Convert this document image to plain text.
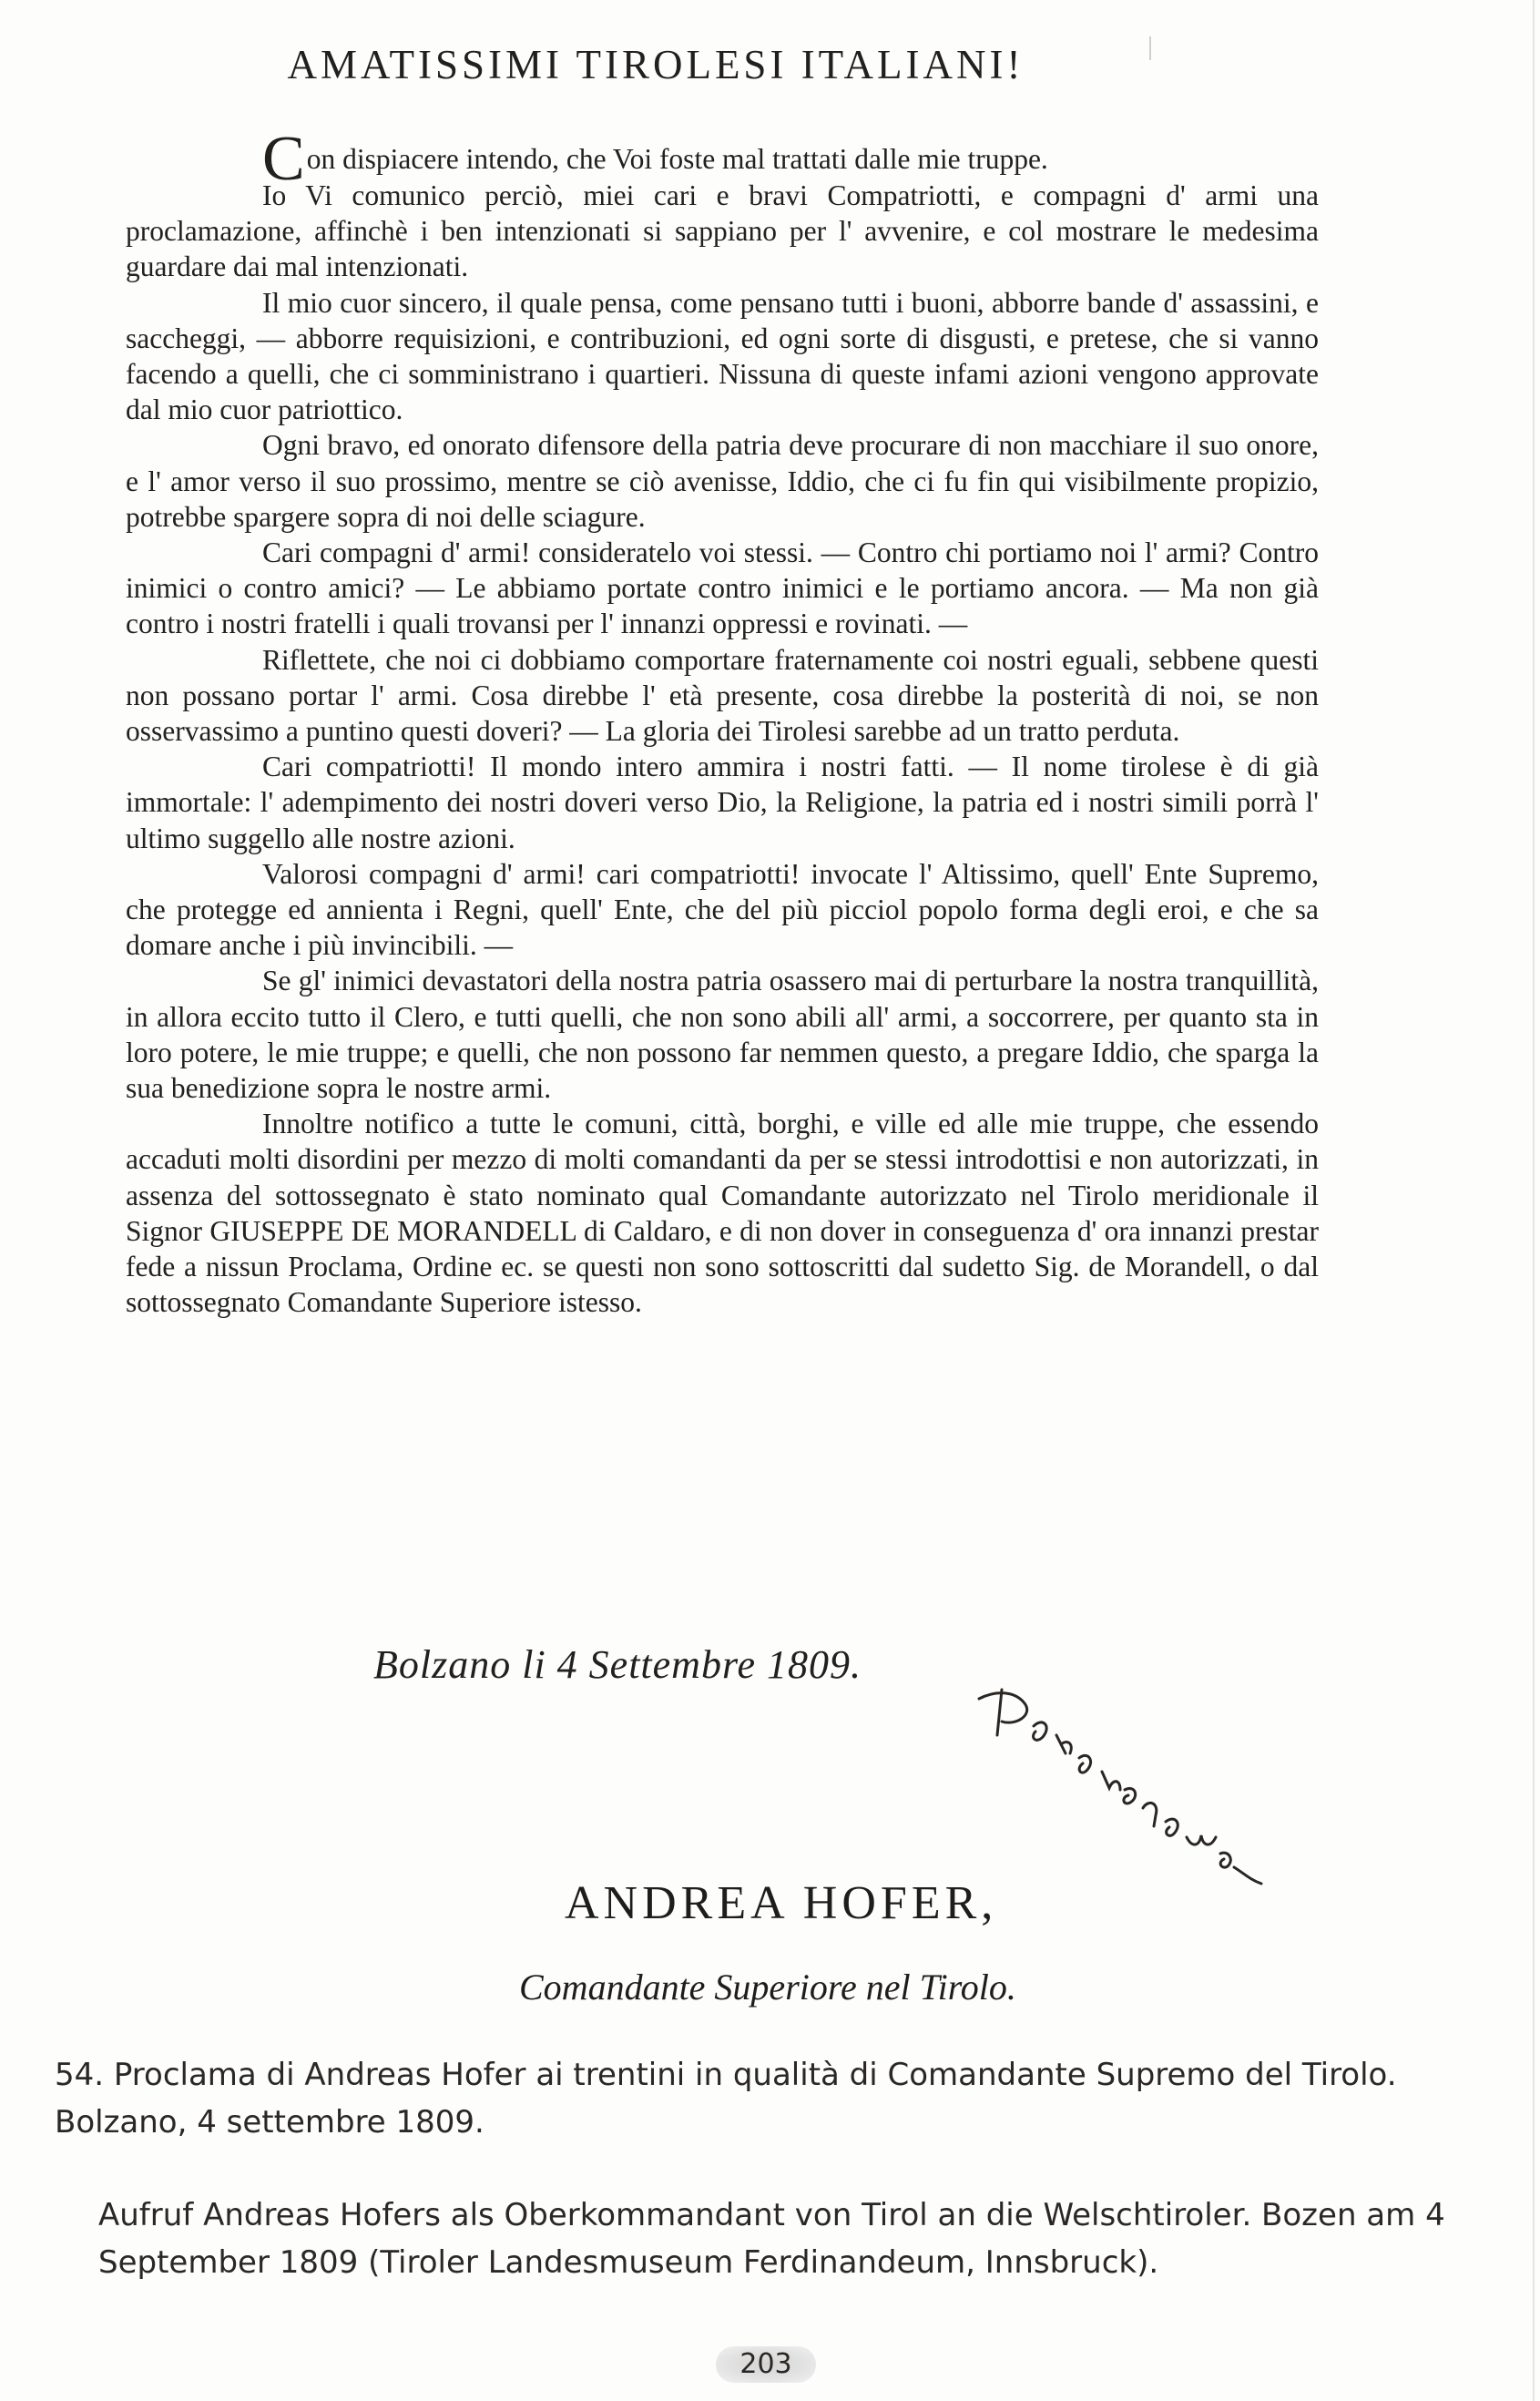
AMATISSIMI TIROLESI ITALIANI!

Con dispiacere intendo, che Voi foste mal trattati dalle mie truppe.

Io Vi comunico perciò, miei cari e bravi Compatriotti, e compagni d' armi una proclamazione, affinchè i ben intenzionati si sappiano per l' avvenire, e col mostrare le medesima guardare dai mal intenzionati.

Il mio cuor sincero, il quale pensa, come pensano tutti i buoni, abborre bande d' assassini, e saccheggi, — abborre requisizioni, e contribuzioni, ed ogni sorte di disgusti, e pretese, che si vanno facendo a quelli, che ci somministrano i quartieri. Nissuna di queste infami azioni vengono approvate dal mio cuor patriottico.

Ogni bravo, ed onorato difensore della patria deve procurare di non macchiare il suo onore, e l' amor verso il suo prossimo, mentre se ciò avenisse, Iddio, che ci fu fin qui visibilmente propizio, potrebbe spargere sopra di noi delle sciagure.

Cari compagni d' armi! consideratelo voi stessi. — Contro chi portiamo noi l' armi? Contro inimici o contro amici? — Le abbiamo portate contro inimici e le portiamo ancora. — Ma non già contro i nostri fratelli i quali trovansi per l' innanzi oppressi e rovinati. —

Riflettete, che noi ci dobbiamo comportare fraternamente coi nostri eguali, sebbene questi non possano portar l' armi. Cosa direbbe l' età presente, cosa direbbe la posterità di noi, se non osservassimo a puntino questi doveri? — La gloria dei Tirolesi sarebbe ad un tratto perduta.

Cari compatriotti! Il mondo intero ammira i nostri fatti. — Il nome tirolese è di già immortale: l' adempimento dei nostri doveri verso Dio, la Religione, la patria ed i nostri simili porrà l' ultimo suggello alle nostre azioni.

Valorosi compagni d' armi! cari compatriotti! invocate l' Altissimo, quell' Ente Supremo, che protegge ed annienta i Regni, quell' Ente, che del più picciol popolo forma degli eroi, e che sa domare anche i più invincibili. —

Se gl' inimici devastatori della nostra patria osassero mai di perturbare la nostra tranquillità, in allora eccito tutto il Clero, e tutti quelli, che non sono abili all' armi, a soccorrere, per quanto sta in loro potere, le mie truppe; e quelli, che non possono far nemmen questo, a pregare Iddio, che sparga la sua benedizione sopra le nostre armi.

Innoltre notifico a tutte le comuni, città, borghi, e ville ed alle mie truppe, che essendo accaduti molti disordini per mezzo di molti comandanti da per se stessi introdottisi e non autorizzati, in assenza del sottossegnato è stato nominato qual Comandante autorizzato nel Tirolo meridionale il Signor GIUSEPPE DE MORANDELL di Caldaro, e di non dover in conseguenza d' ora innanzi prestar fede a nissun Proclama, Ordine ec. se questi non sono sottoscritti dal sudetto Sig. de Morandell, o dal sottossegnato Comandante Superiore istesso.

Bolzano li 4 Settembre 1809.
ANDREA HOFER,
Comandante Superiore nel Tirolo.

54. Proclama di Andreas Hofer ai trentini in qualità di Comandante Supremo del Tirolo. Bolzano, 4 settembre 1809.

Aufruf Andreas Hofers als Oberkommandant von Tirol an die Welschtiroler. Bozen am 4 September 1809 (Tiroler Landesmuseum Ferdinandeum, Innsbruck).

203
